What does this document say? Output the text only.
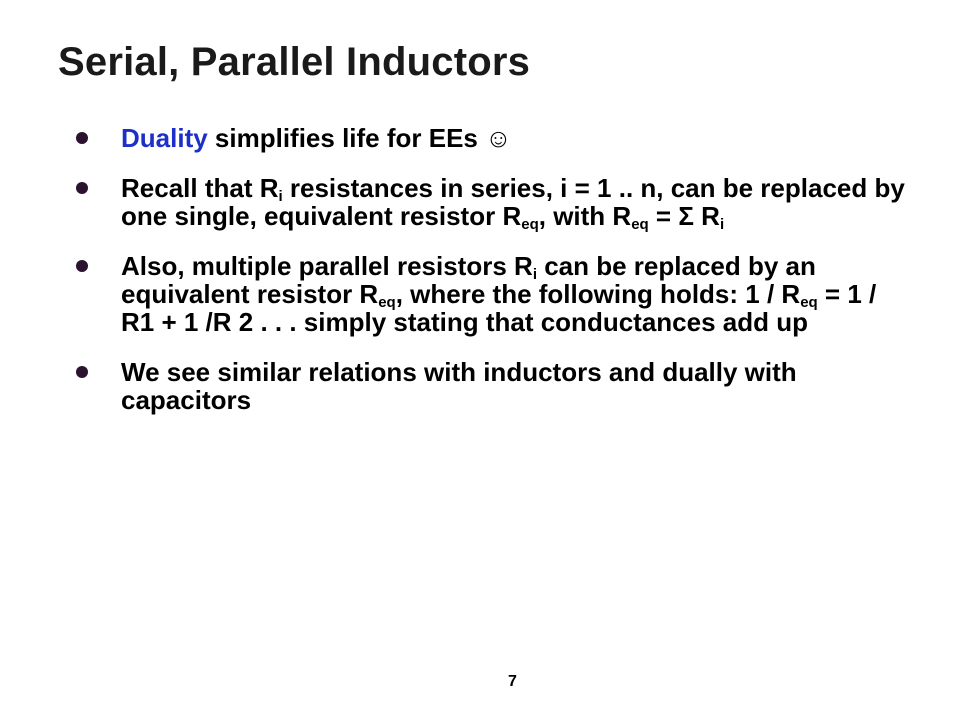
Serial, Parallel Inductors
Duality simplifies life for EEs ☺
Recall that $R_i$ resistances in series, i = 1 .. n, can be replaced by one single, equivalent resistor $R_{eq}$, with $R_{eq} = \Sigma$ $R_i$
Also, multiple parallel resistors $R_i$ can be replaced by an equivalent resistor $R_{eq}$, where the following holds: $1 / R_{eq} = 1 / R1 + 1$ /R 2 . . . simply stating that conductances add up
We see similar relations with inductors and dually with capacitors
7
